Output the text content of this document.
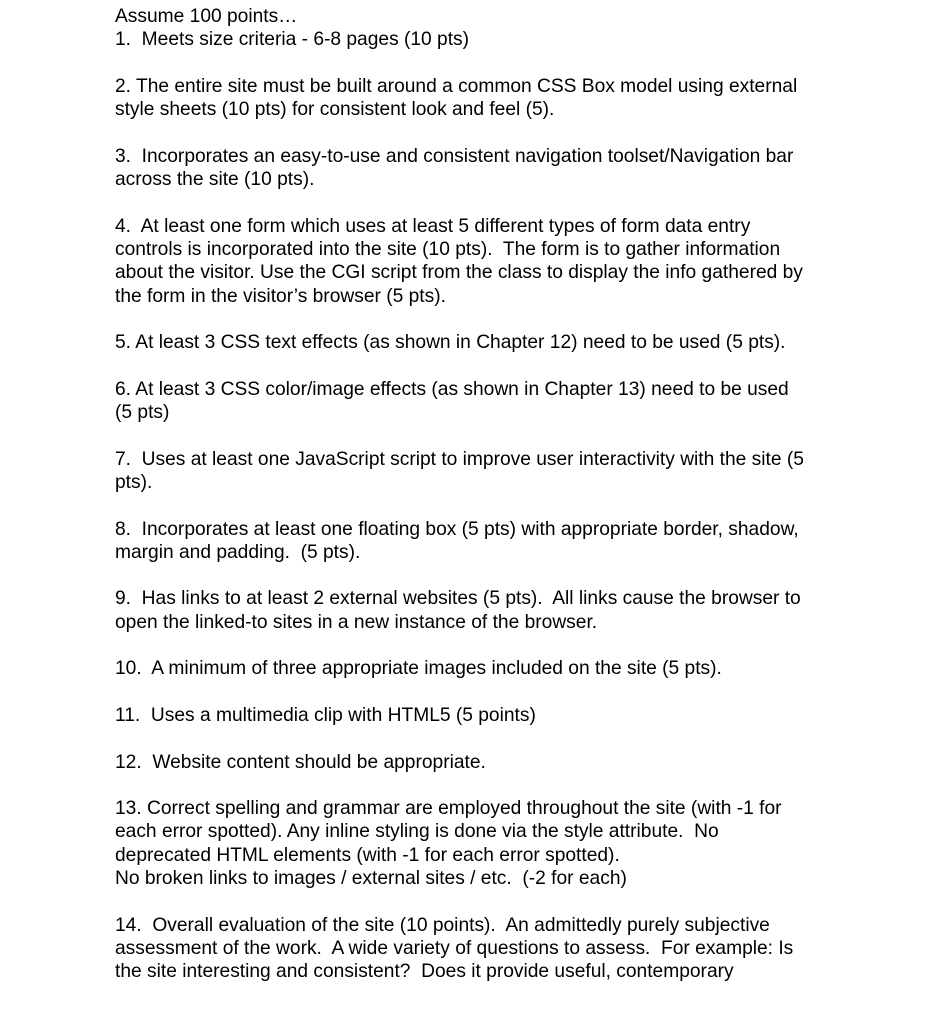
Assume 100 points…
1.  Meets size criteria - 6-8 pages (10 pts)
2. The entire site must be built around a common CSS Box model using external
style sheets (10 pts) for consistent look and feel (5).
3.  Incorporates an easy-to-use and consistent navigation toolset/Navigation bar
across the site (10 pts).
4.  At least one form which uses at least 5 different types of form data entry
controls is incorporated into the site (10 pts).  The form is to gather information
about the visitor. Use the CGI script from the class to display the info gathered by
the form in the visitor’s browser (5 pts).
5. At least 3 CSS text effects (as shown in Chapter 12) need to be used (5 pts).
6. At least 3 CSS color/image effects (as shown in Chapter 13) need to be used
(5 pts)
7.  Uses at least one JavaScript script to improve user interactivity with the site (5
pts).
8.  Incorporates at least one floating box (5 pts) with appropriate border, shadow,
margin and padding.  (5 pts).
9.  Has links to at least 2 external websites (5 pts).  All links cause the browser to
open the linked-to sites in a new instance of the browser.
10.  A minimum of three appropriate images included on the site (5 pts).
11.  Uses a multimedia clip with HTML5 (5 points)
12.  Website content should be appropriate.
13. Correct spelling and grammar are employed throughout the site (with -1 for
each error spotted). Any inline styling is done via the style attribute.  No
deprecated HTML elements (with -1 for each error spotted).
No broken links to images / external sites / etc.  (-2 for each)
14.  Overall evaluation of the site (10 points).  An admittedly purely subjective
assessment of the work.  A wide variety of questions to assess.  For example: Is
the site interesting and consistent?  Does it provide useful, contemporary
